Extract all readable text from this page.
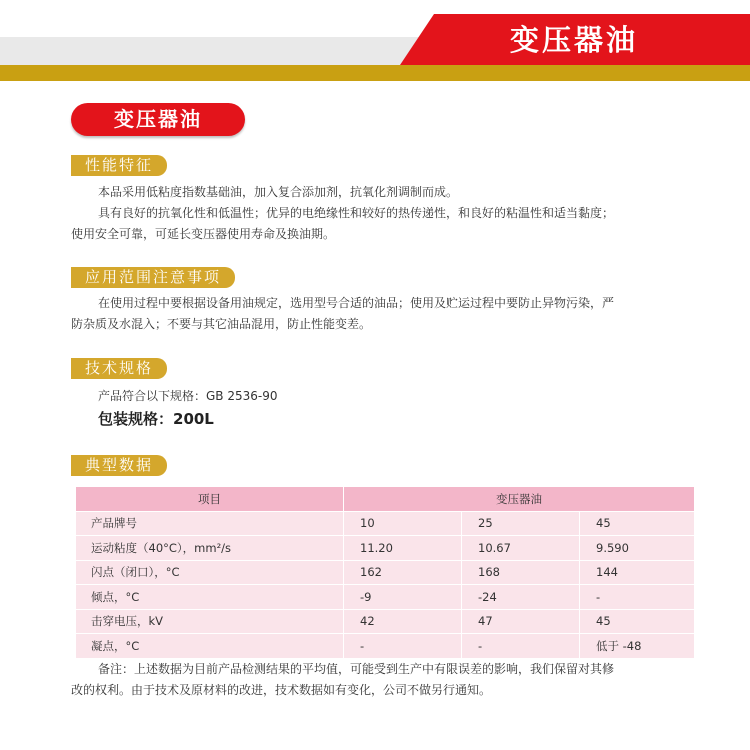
变压器油
变压器油
性能特征
本品采用低粘度指数基础油，加入复合添加剂，抗氧化剂调制而成。
具有良好的抗氧化性和低温性；优异的电绝缘性和较好的热传递性，和良好的粘温性和适当黏度；
使用安全可靠，可延长变压器使用寿命及换油期。
应用范围注意事项
在使用过程中要根据设备用油规定，选用型号合适的油品；使用及贮运过程中要防止异物污染，严
防杂质及水混入；不要与其它油品混用，防止性能变差。
技术规格
产品符合以下规格：GB 2536-90
包装规格：200L
典型数据
项目	变压器油		
产品牌号	10	25	45
运动粘度（40°C），mm²/s	11.20	10.67	9.590
闪点（闭口），°C	162	168	144
倾点，°C	-9	-24	-
击穿电压，kV	42	47	45
凝点，°C	-	-	低于 -48
备注：上述数据为目前产品检测结果的平均值，可能受到生产中有限误差的影响，我们保留对其修
改的权利。由于技术及原材料的改进，技术数据如有变化，公司不做另行通知。
